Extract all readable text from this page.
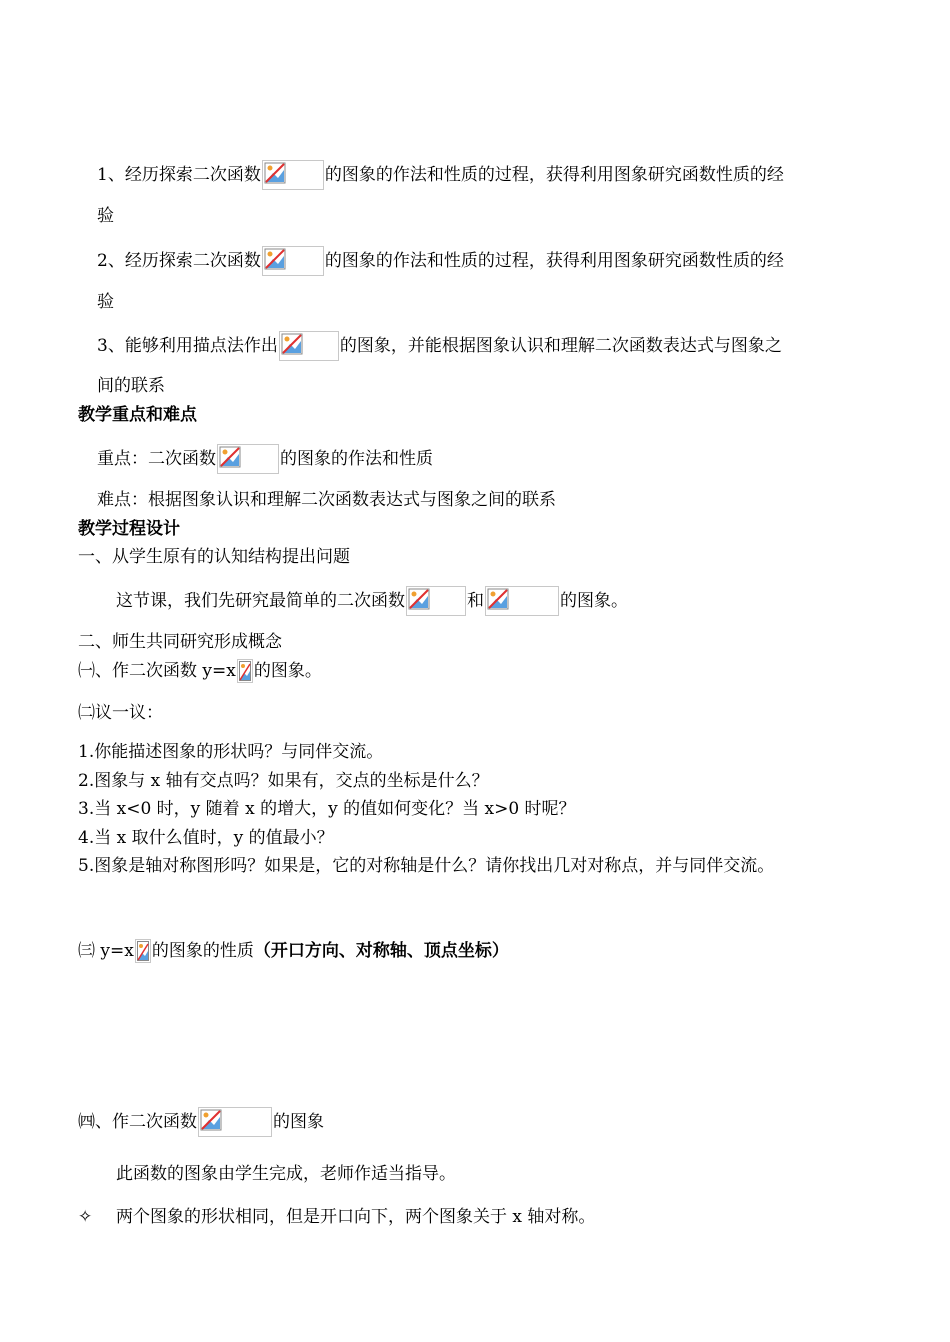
1、经历探索二次函数	的图象的作法和性质的过程，获得利用图象研究函数性质的经
验
2、经历探索二次函数	的图象的作法和性质的过程，获得利用图象研究函数性质的经
验
3、能够利用描点法作出	的图象，并能根据图象认识和理解二次函数表达式与图象之
间的联系
教学重点和难点
重点：二次函数	的图象的作法和性质
难点：根据图象认识和理解二次函数表达式与图象之间的联系
教学过程设计
一、从学生原有的认知结构提出问题
这节课，我们先研究最简单的二次函数	和	的图象。
二、师生共同研究形成概念
㈠、作二次函数 y=x 的图象。
㈡议一议：
1.你能描述图象的形状吗？与同伴交流。
2.图象与 x 轴有交点吗？如果有，交点的坐标是什么？
3.当 x<0 时，y 随着 x 的增大，y 的值如何变化？当 x>0 时呢？
4.当 x 取什么值时，y 的值最小？
5.图象是轴对称图形吗？如果是，它的对称轴是什么？请你找出几对对称点，并与同伴交流。
㈢ y=x 的图象的性质 （开口方向、对称轴、顶点坐标）
㈣、作二次函数	的图象
此函数的图象由学生完成，老师作适当指导。
✧	两个图象的形状相同，但是开口向下，两个图象关于 x 轴对称。
